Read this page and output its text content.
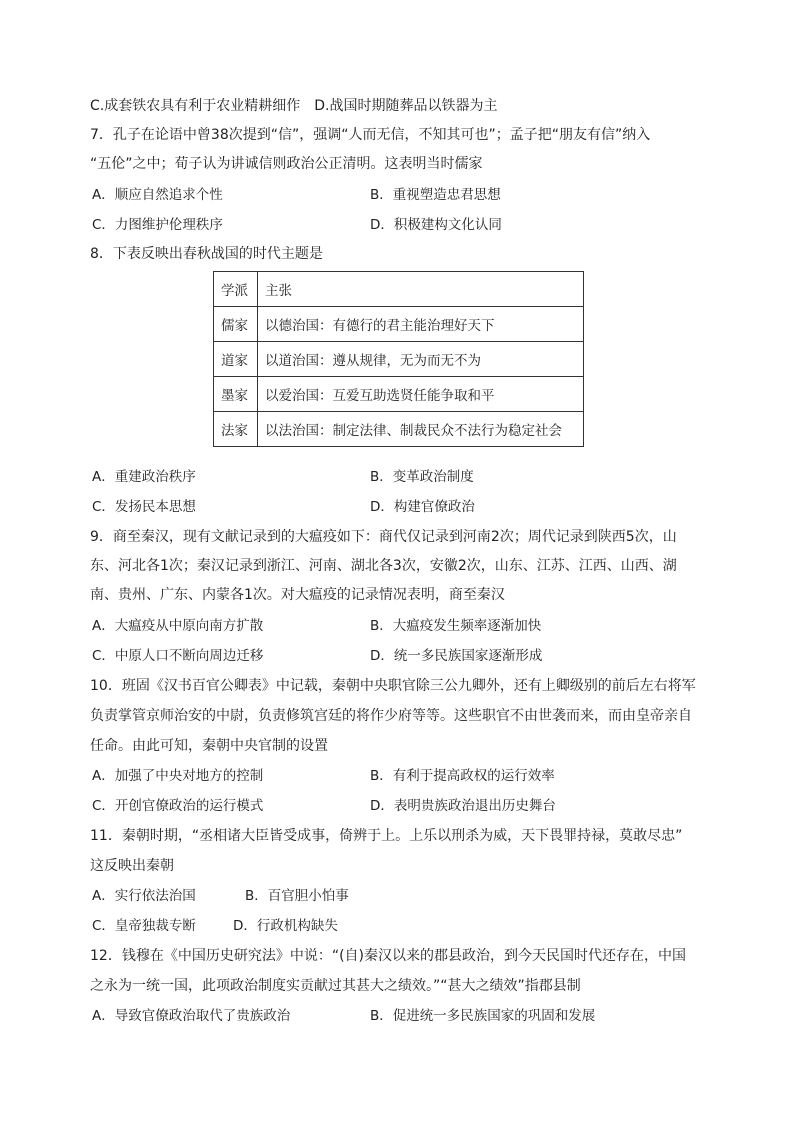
C.成套铁农具有利于农业精耕细作　D.战国时期随葬品以铁器为主
7．孔子在论语中曾38次提到“信”，强调“人而无信，不知其可也”；孟子把“朋友有信”纳入
“五伦”之中；荀子认为讲诚信则政治公正清明。这表明当时儒家
A．顺应自然追求个性	B．重视塑造忠君思想
C．力图维护伦理秩序	D．积极建构文化认同
8．下表反映出春秋战国的时代主题是
学派	主张
儒家	以德治国：有德行的君主能治理好天下
道家	以道治国：遵从规律，无为而无不为
墨家	以爱治国：互爱互助选贤任能争取和平
法家	以法治国：制定法律、制裁民众不法行为稳定社会
A．重建政治秩序	B．变革政治制度
C．发扬民本思想	D．构建官僚政治
9．商至秦汉，现有文献记录到的大瘟疫如下：商代仅记录到河南2次；周代记录到陕西5次，山
东、河北各1次；秦汉记录到浙江、河南、湖北各3次，安徽2次，山东、江苏、江西、山西、湖
南、贵州、广东、内蒙各1次。对大瘟疫的记录情况表明，商至秦汉
A．大瘟疫从中原向南方扩散	B．大瘟疫发生频率逐渐加快
C．中原人口不断向周边迁移	D．统一多民族国家逐渐形成
10．班固《汉书百官公卿表》中记载，秦朝中央职官除三公九卿外，还有上卿级别的前后左右将军
负责掌管京师治安的中尉，负责修筑宫廷的将作少府等等。这些职官不由世袭而来，而由皇帝亲自
任命。由此可知，秦朝中央官制的设置
A．加强了中央对地方的控制	B．有利于提高政权的运行效率
C．开创官僚政治的运行模式	D．表明贵族政治退出历史舞台
11．秦朝时期，“丞相诸大臣皆受成事，倚辨于上。上乐以刑杀为威，天下畏罪持禄，莫敢尽忠”
这反映出秦朝
A．实行依法治国	B．百官胆小怕事
C．皇帝独裁专断	D．行政机构缺失
12．钱穆在《中国历史研究法》中说：“(自)秦汉以来的郡县政治，到今天民国时代还存在，中国
之永为一统一国，此项政治制度实贡献过其甚大之绩效。”“甚大之绩效”指郡县制
A．导致官僚政治取代了贵族政治	B．促进统一多民族国家的巩固和发展
